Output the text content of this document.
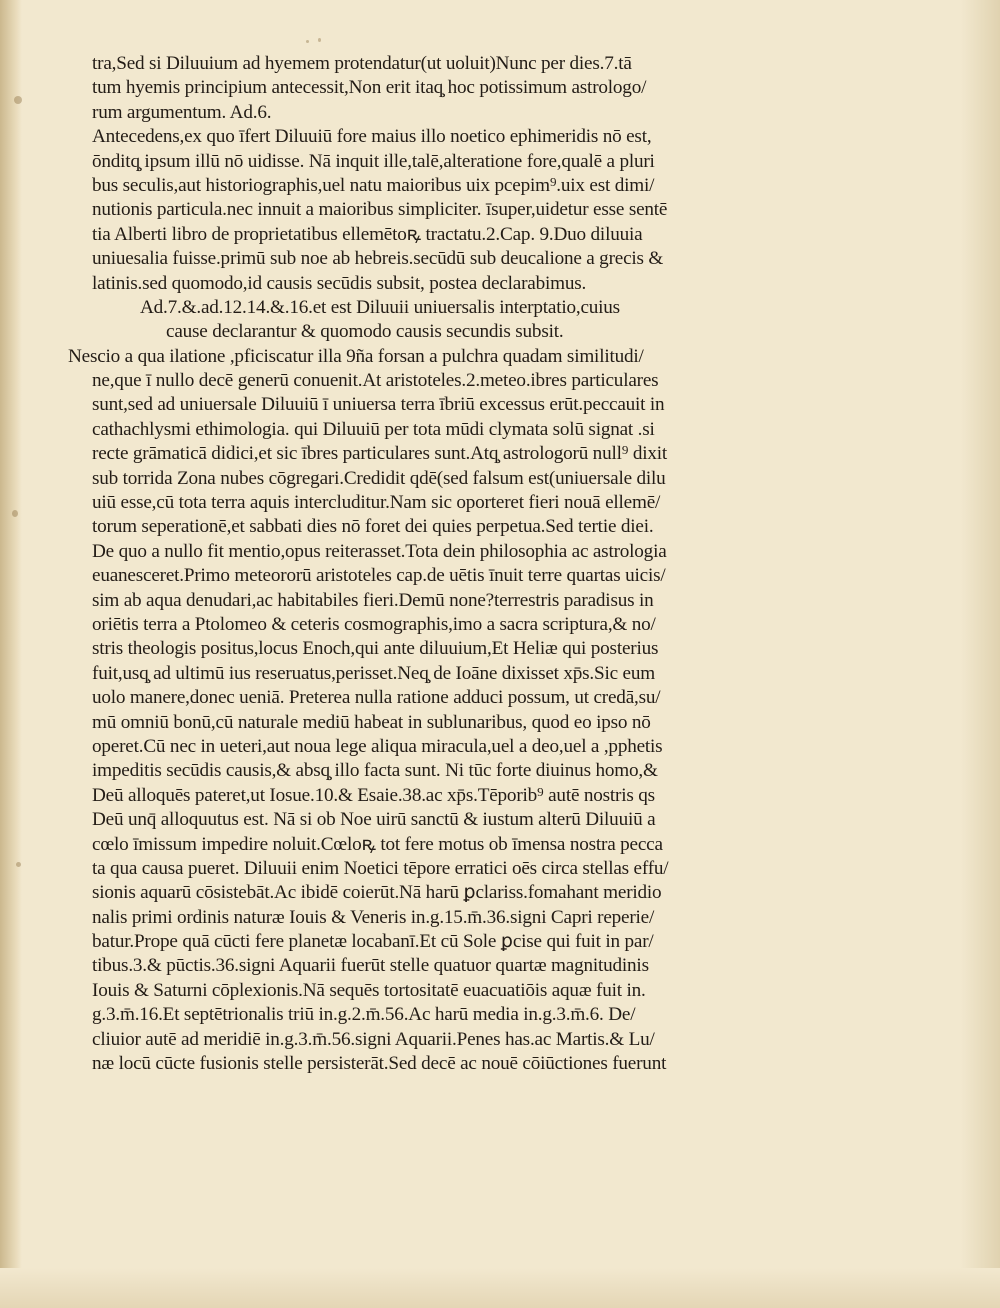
tra,Sed si Diluuium ad hyemem protendatur(ut uoluit)Nunc per dies.7.tā
tum hyemis principium antecessit,Non erit itaq̧ hoc potissimum astrologo/
rum argumentum. Ad.6.
Antecedens,ex quo īfert Diluuiū fore maius illo noetico ephimeridis nō est,
ōnditq̧ ipsum illū nō uidisse. Nā inquit ille,talē,alteratione fore,qualē a pluri
bus seculis,aut historiographis,uel natu maioribus uix pcepim⁹.uix est dimi/
nutionis particula.nec innuit a maioribus simpliciter. īsuper,uidetur esse sentē
tia Alberti libro de proprietatibus ellemētoꝶ tractatu.2.Cap. 9.Duo diluuia
uniuesalia fuisse.primū sub noe ab hebreis.secūdū sub deucalione a grecis &
latinis.sed quomodo,id causis secūdis subsit, postea declarabimus.
Ad.7.&.ad.12.14.&.16.et est Diluuii uniuersalis interptatio,cuius
cause declarantur & quomodo causis secundis subsit.
Nescio a qua ilatione ,pficiscatur illa 9ña forsan a pulchra quadam similitudi/
ne,que ī nullo decē generū conuenit.At aristoteles.2.meteo.ibres particulares
sunt,sed ad uniuersale Diluuiū ī uniuersa terra ībriū excessus erūt.peccauit in
cathachlysmi ethimologia. qui Diluuiū per tota mūdi clymata solū signat .si
recte grāmaticā didici,et sic ībres particulares sunt.Atq̧ astrologorū null⁹ dixit
sub torrida Zona nubes cōgregari.Credidit qdē(sed falsum est(uniuersale dilu
uiū esse,cū tota terra aquis intercluditur.Nam sic oporteret fieri nouā ellemē/
torum seperationē,et sabbati dies nō foret dei quies perpetua.Sed tertie diei.
De quo a nullo fit mentio,opus reiterasset.Tota dein philosophia ac astrologia
euanesceret.Primo meteororū aristoteles cap.de uētis īnuit terre quartas uicis/
sim ab aqua denudari,ac habitabiles fieri.Demū none?terrestris paradisus in
oriētis terra a Ptolomeo & ceteris cosmographis,imo a sacra scriptura,& no/
stris theologis positus,locus Enoch,qui ante diluuium,Et Heliæ qui posterius
fuit,usq̧ ad ultimū ius reseruatus,perisset.Neq̧ de Ioāne dixisset xp̄s.Sic eum
uolo manere,donec ueniā. Preterea nulla ratione adduci possum, ut credā,su/
mū omniū bonū,cū naturale mediū habeat in sublunaribus, quod eo ipso nō
operet.Cū nec in ueteri,aut noua lege aliqua miracula,uel a deo,uel a ,pphetis
impeditis secūdis causis,& absq̧ illo facta sunt. Ni tūc forte diuinus homo,&
Deū alloquēs pateret,ut Iosue.10.& Esaie.38.ac xp̄s.Tēporib⁹ autē nostris qs
Deū unq̄ alloquutus est. Nā si ob Noe uirū sanctū & iustum alterū Diluuiū a
cœlo īmissum impedire noluit.Cœloꝶ tot fere motus ob īmensa nostra pecca
ta qua causa pueret. Diluuii enim Noetici tēpore erratici oēs circa stellas effu/
sionis aquarū cōsistebāt.Ac ibidē coierūt.Nā harū ꝑclariss.fomahant meridio
nalis primi ordinis naturæ Iouis & Veneris in.g.15.m̄.36.signi Capri reperie/
batur.Prope quā cūcti fere planetæ locabanī.Et cū Sole ꝑcise qui fuit in par/
tibus.3.& pūctis.36.signi Aquarii fuerūt stelle quatuor quartæ magnitudinis
Iouis & Saturni cōplexionis.Nā sequēs tortositatē euacuatiōis aquæ fuit in.
g.3.m̄.16.Et septētrionalis triū in.g.2.m̄.56.Ac harū media in.g.3.m̄.6. De/
cliuior autē ad meridiē in.g.3.m̄.56.signi Aquarii.Penes has.ac Martis.& Lu/
næ locū cūcte fusionis stelle persisterāt.Sed decē ac nouē cōiūctiones fuerunt
